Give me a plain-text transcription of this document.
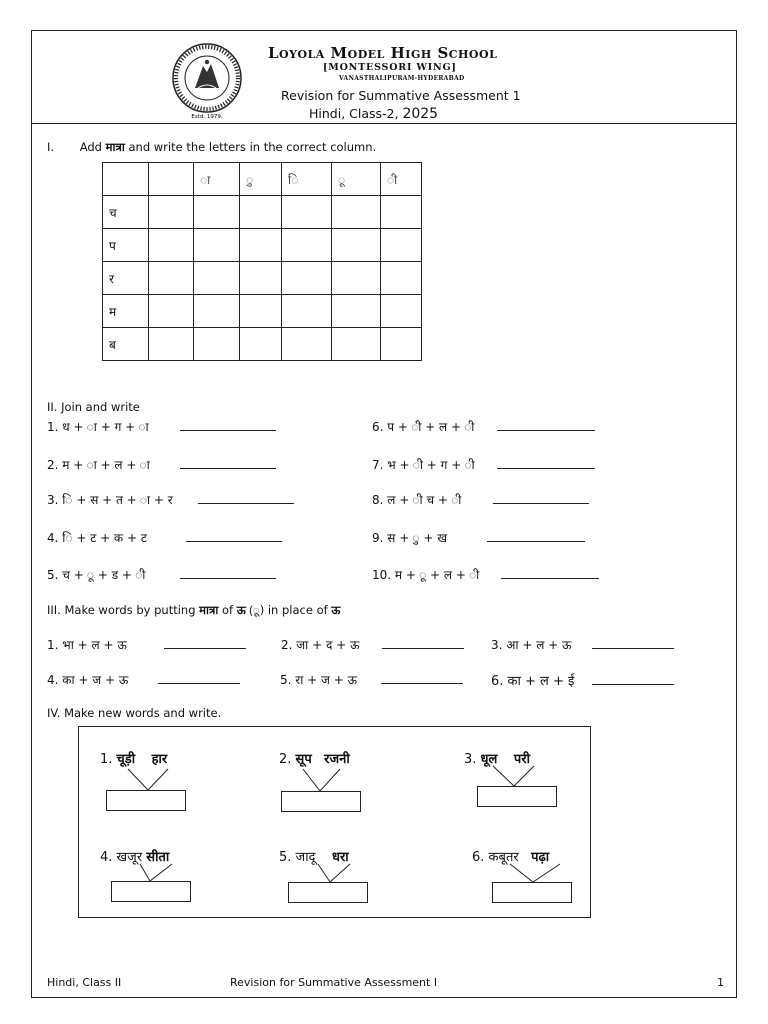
Estd. 1979.
Loyola Model High School
[MONTESSORI WING]
VANASTHALIPURAM-HYDERABAD
Revision for Summative Assessment 1
Hindi, Class-2, 2025
I. Add मात्रा and write the letters in the correct column.
		ा	ु	ि	ू	ी
च						
प						
र						
म						
ब						
II. Join and write
1. ध + ा + ग + ा
2. म + ा + ल + ा
3. ि + स + त + ा + र
4. ि + ट + क + ट
5. च + ू + ड + ी
6. प + ी + ल + ी
7. भ + ी + ग + ी
8. ल + ी च + ी
9. स + ु + ख
10. म + ू + ल + ी
III. Make words by putting मात्रा of ऊ (ू) in place of ऊ
1. भा + ल + ऊ	2. जा + द + ऊ	3. आ + ल + ऊ
4. का + ज + ऊ	5. रा + ज + ऊ	6. का + ल + ई
IV. Make new words and write.
1. चूड़ी हार	2. सूप रजनी	3. धूल परी
4. खजूर सीता	5. जादू धरा	6. कबूतर पढ़ा
Hindi, Class II	Revision for Summative Assessment I	1
